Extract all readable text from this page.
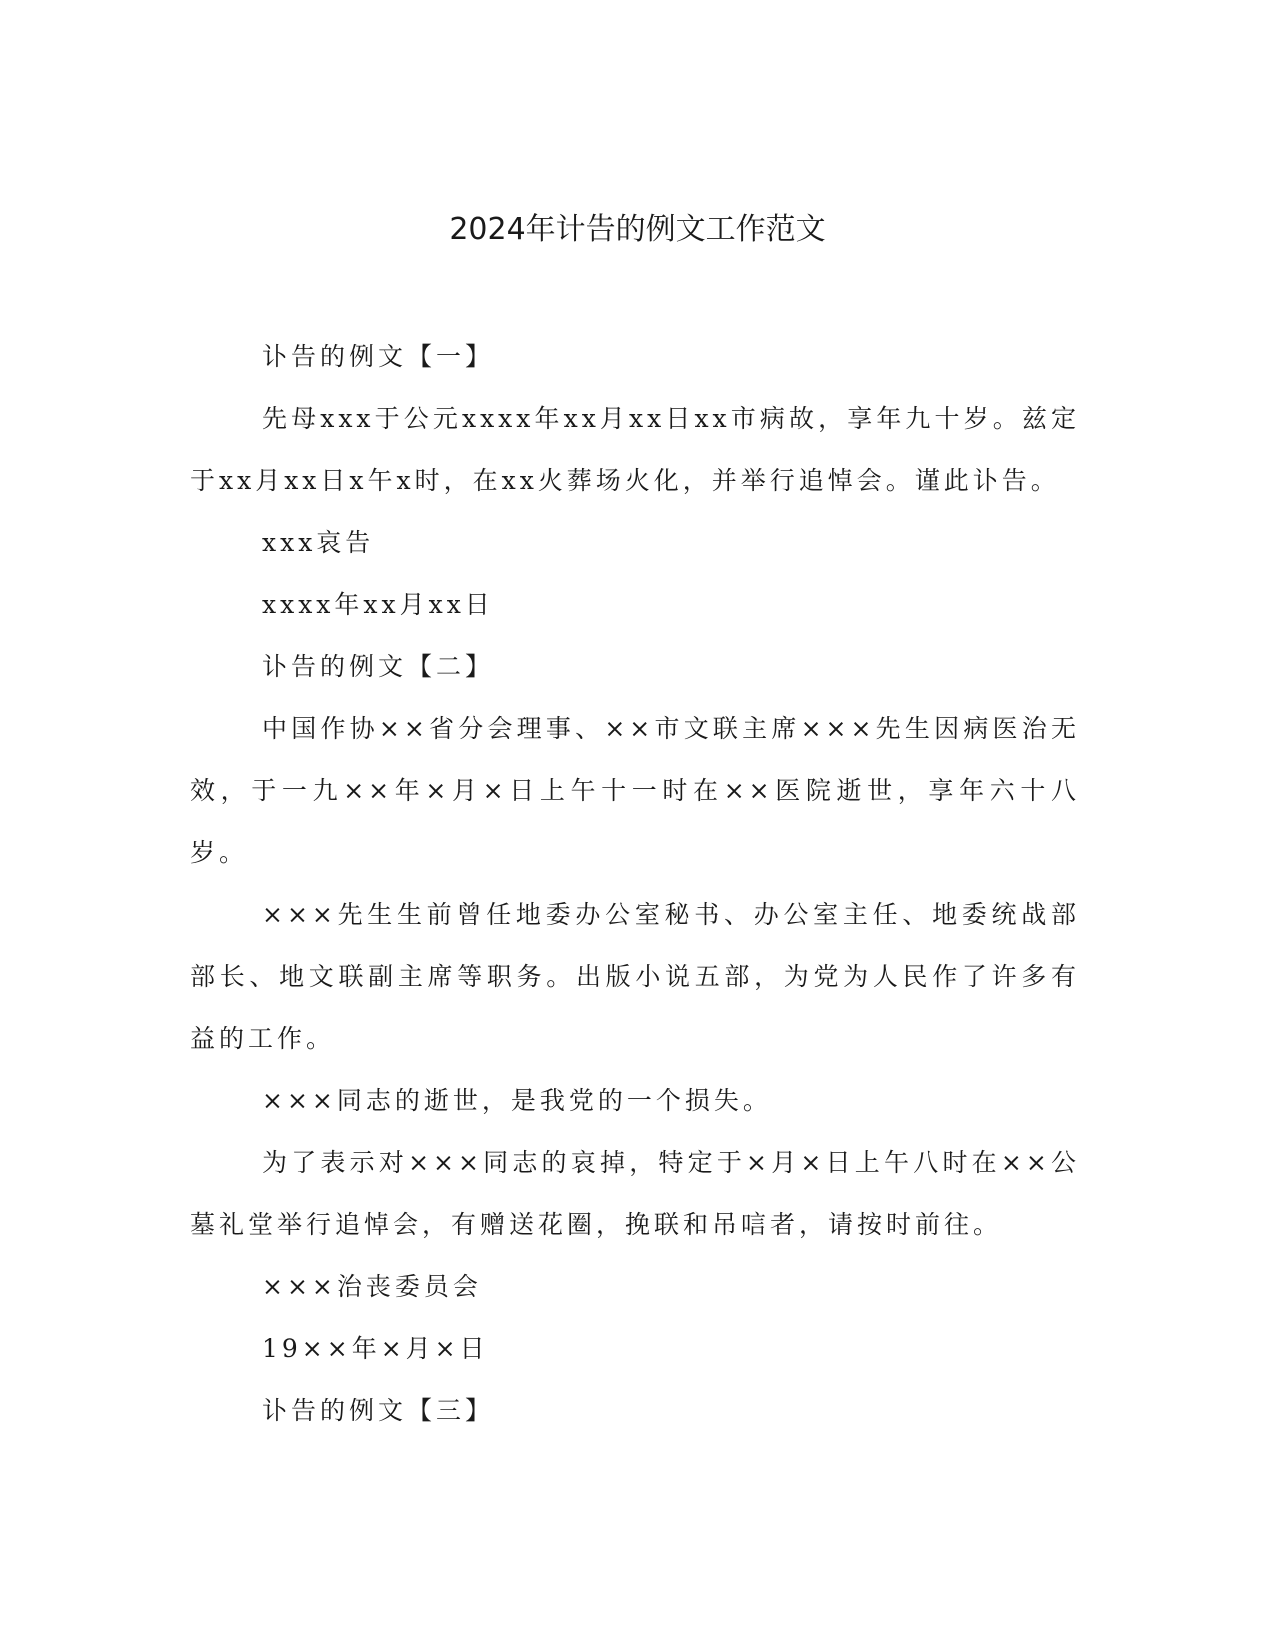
2024年计告的例文工作范文

讣告的例文【一】

先母xxx于公元xxxx年xx月xx日xx市病故，享年九十岁。兹定于xx月xx日x午x时，在xx火葬场火化，并举行追悼会。谨此讣告。

xxx哀告

xxxx年xx月xx日

讣告的例文【二】

中国作协××省分会理事、××市文联主席×××先生因病医治无效，于一九××年×月×日上午十一时在××医院逝世，享年六十八岁。

×××先生生前曾任地委办公室秘书、办公室主任、地委统战部部长、地文联副主席等职务。出版小说五部，为党为人民作了许多有益的工作。

×××同志的逝世，是我党的一个损失。

为了表示对×××同志的哀掉，特定于×月×日上午八时在××公墓礼堂举行追悼会，有赠送花圈，挽联和吊唁者，请按时前往。

×××治丧委员会

19××年×月×日

讣告的例文【三】
